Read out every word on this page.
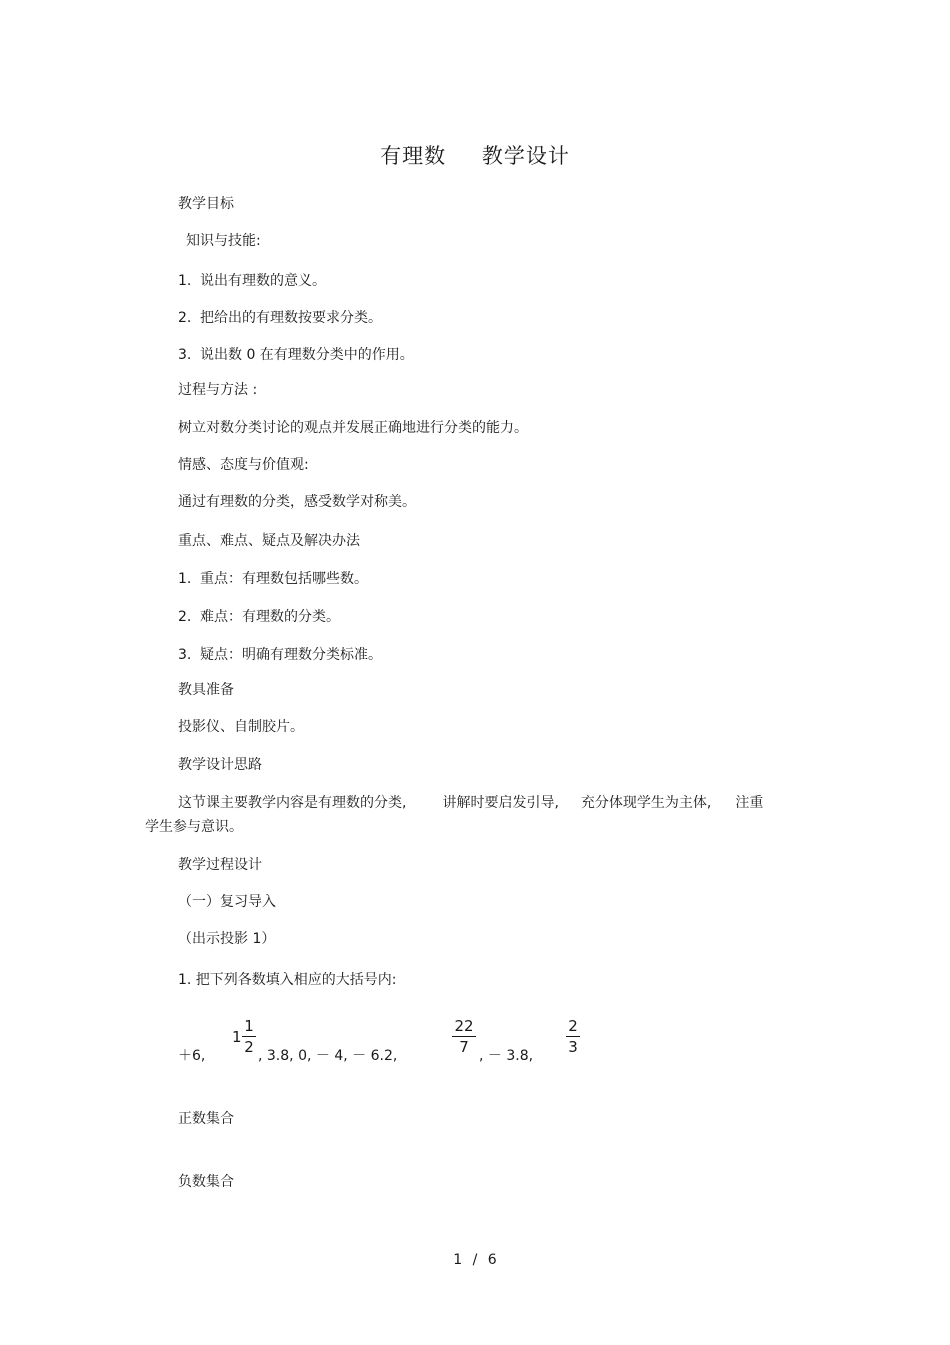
有理数 教学设计
教学目标
知识与技能:
1. 说出有理数的意义。
2. 把给出的有理数按要求分类。
3. 说出数 0 在有理数分类中的作用。
过程与方法 :
树立对数分类讨论的观点并发展正确地进行分类的能力。
情感、态度与价值观:
通过有理数的分类，感受数学对称美。
重点、难点、疑点及解决办法
1. 重点：有理数包括哪些数。
2. 难点：有理数的分类。
3. 疑点：明确有理数分类标准。
教具准备
投影仪、自制胶片。
教学设计思路
这节课主要教学内容是有理数的分类,	讲解时要启发引导, 充分体现学生为主体, 注重
学生参与意识。
教学过程设计
（一）复习导入
（出示投影 1）
1. 把下列各数填入相应的大括号内:
＋6,
1
1
2 , 3.8, 0, － 4, － 6.2,
22
7 , － 3.8,
2
3
正数集合
负数集合
1 / 6
